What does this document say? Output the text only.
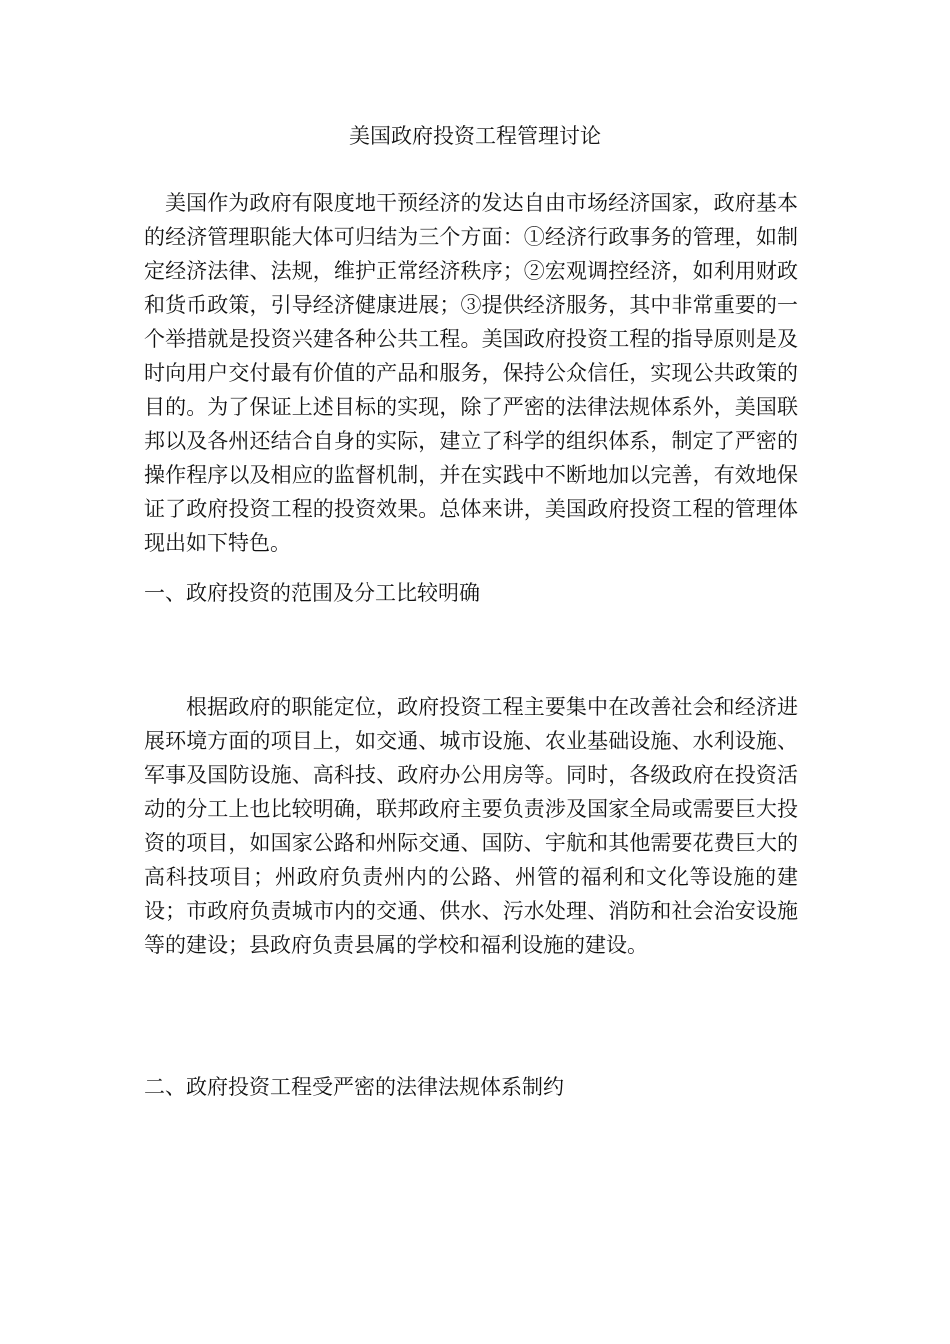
美国政府投资工程管理讨论

美国作为政府有限度地干预经济的发达自由市场经济国家，政府基本的经济管理职能大体可归结为三个方面：①经济行政事务的管理，如制定经济法律、法规，维护正常经济秩序；②宏观调控经济，如利用财政和货币政策，引导经济健康进展；③提供经济服务，其中非常重要的一个举措就是投资兴建各种公共工程。美国政府投资工程的指导原则是及时向用户交付最有价值的产品和服务，保持公众信任，实现公共政策的目的。为了保证上述目标的实现，除了严密的法律法规体系外，美国联邦以及各州还结合自身的实际，建立了科学的组织体系，制定了严密的操作程序以及相应的监督机制，并在实践中不断地加以完善，有效地保证了政府投资工程的投资效果。总体来讲，美国政府投资工程的管理体现出如下特色。

一、政府投资的范围及分工比较明确

根据政府的职能定位，政府投资工程主要集中在改善社会和经济进展环境方面的项目上，如交通、城市设施、农业基础设施、水利设施、军事及国防设施、高科技、政府办公用房等。同时，各级政府在投资活动的分工上也比较明确，联邦政府主要负责涉及国家全局或需要巨大投资的项目，如国家公路和州际交通、国防、宇航和其他需要花费巨大的高科技项目；州政府负责州内的公路、州管的福利和文化等设施的建设；市政府负责城市内的交通、供水、污水处理、消防和社会治安设施等的建设；县政府负责县属的学校和福利设施的建设。

二、政府投资工程受严密的法律法规体系制约
